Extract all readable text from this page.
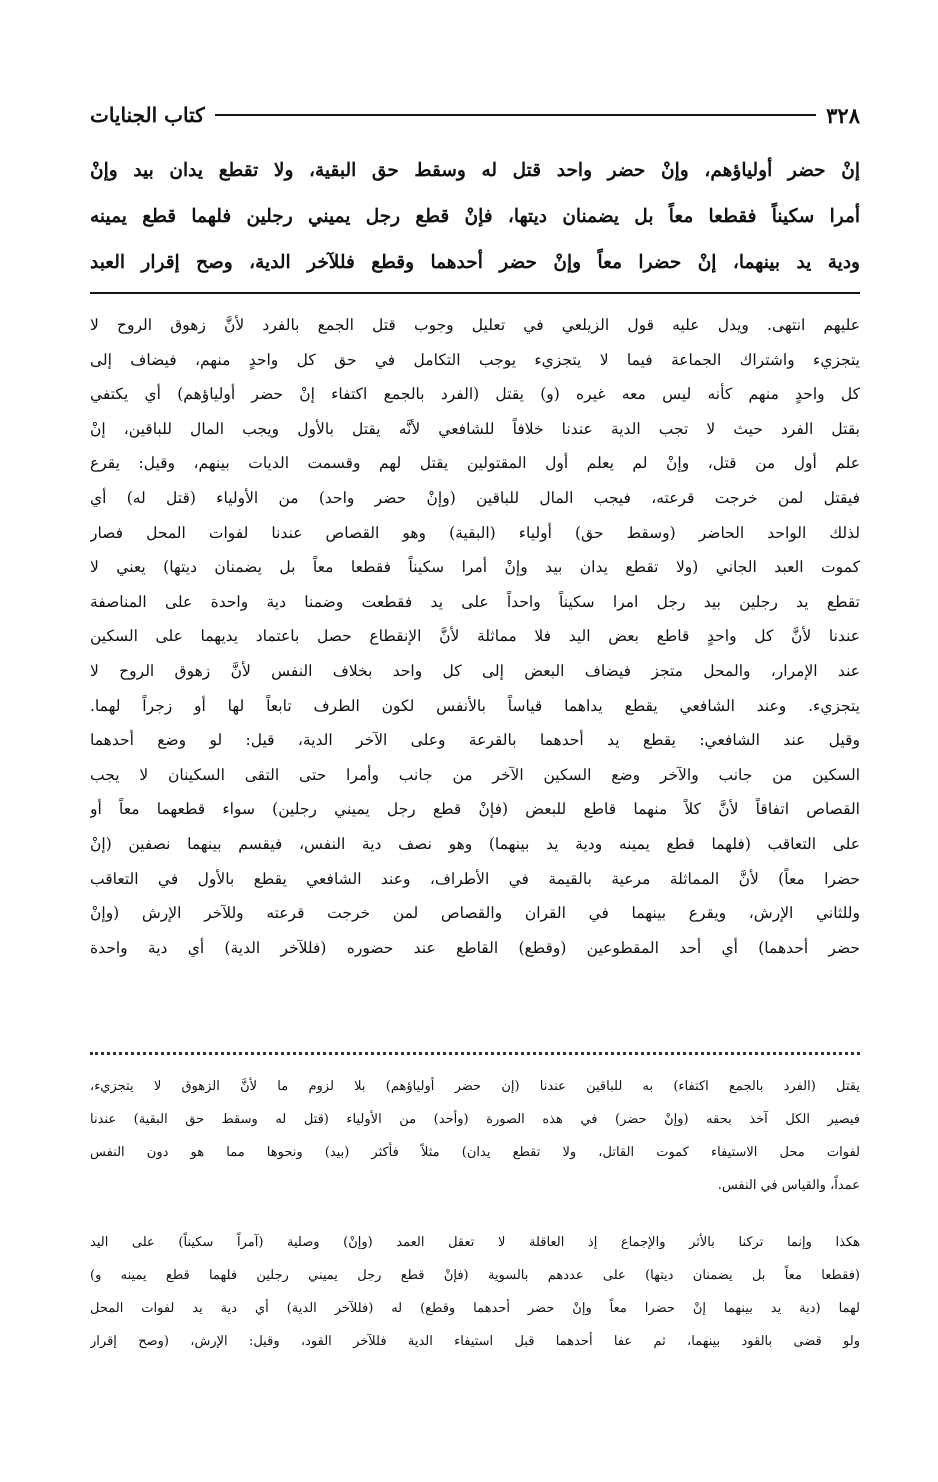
٣٢٨
كتاب الجنايات
إنْ حضر أولياؤهم، وإنْ حضر واحد قتل له وسقط حق البقية، ولا تقطع يدان بيد وإنْ
أمرا سكيناً فقطعا معاً بل يضمنان ديتها، فإنْ قطع رجل يميني رجلين فلهما قطع يمينه
ودية يد بينهما، إنْ حضرا معاً وإنْ حضر أحدهما وقطع فللآخر الدية، وصح إقرار العبد
عليهم انتهى. ويدل عليه قول الزيلعي في تعليل وجوب قتل الجمع بالفرد لأنَّ زهوق الروح لا
يتجزيء واشتراك الجماعة فيما لا يتجزيء يوجب التكامل في حق كل واحدٍ منهم، فيضاف إلى
كل واحدٍ منهم كأنه ليس معه غيره (و) يقتل (الفرد بالجمع اكتفاء إنْ حضر أولياؤهم) أي يكتفي
بقتل الفرد حيث لا تجب الدية عندنا خلافاً للشافعي لأنَّه يقتل بالأول ويجب المال للباقين، إنْ
علم أول من قتل، وإنْ لم يعلم أول المقتولين يقتل لهم وقسمت الديات بينهم، وقيل: يقرع
فيقتل لمن خرجت قرعته، فيجب المال للباقين (وإنْ حضر واحد) من الأولياء (قتل له) أي
لذلك الواحد الحاضر (وسقط حق) أولياء (البقية) وهو القصاص عندنا لفوات المحل فصار
كموت العبد الجاني (ولا تقطع يدان بيد وإنْ أمرا سكيناً فقطعا معاً بل يضمنان ديتها) يعني لا
تقطع يد رجلين بيد رجل امرا سكيناً واحداً على يد فقطعت وضمنا دية واحدة على المناصفة
عندنا لأنَّ كل واحدٍ قاطع بعض اليد فلا مماثلة لأنَّ الإنقطاع حصل باعتماد يديهما على السكين
عند الإمرار، والمحل متجز فيضاف البعض إلى كل واحد بخلاف النفس لأنَّ زهوق الروح لا
يتجزيء. وعند الشافعي يقطع يداهما قياساً بالأنفس لكون الطرف تابعاً لها أو زجراً لهما.
وقيل عند الشافعي: يقطع يد أحدهما بالقرعة وعلى الآخر الدية، قيل: لو وضع أحدهما
السكين من جانب والآخر وضع السكين الآخر من جانب وأمرا حتى التقى السكينان لا يجب
القصاص اتفاقاً لأنَّ كلاً منهما قاطع للبعض (فإنْ قطع رجل يميني رجلين) سواء قطعهما معاً أو
على التعاقب (فلهما قطع يمينه ودية يد بينهما) وهو نصف دية النفس، فيقسم بينهما نصفين (إنْ
حضرا معاً) لأنَّ المماثلة مرعية بالقيمة في الأطراف، وعند الشافعي يقطع بالأول في التعاقب
وللثاني الإرش، ويقرع بينهما في القران والقصاص لمن خرجت قرعته وللآخر الإرش (وإنْ
حضر أحدهما) أي أحد المقطوعين (وقطع) القاطع عند حضوره (فللآخر الدية) أي دية واحدة
يقتل (الفرد بالجمع اكتفاء) به للباقين عندنا (إن حضر أولياؤهم) بلا لزوم ما لأنَّ الزهوق لا يتجزيء،
فيصير الكل آخذ بحقه (وإنْ حضر) في هذه الصورة (وأحد) من الأولياء (قتل له وسقط حق البقية) عندنا
لفوات محل الاستيفاء كموت القاتل، ولا تقطع يدان) مثلاً فأكثر (بيد) ونحوها مما هو دون النفس
عمداً، والقياس في النفس.
هكذا وإنما تركنا بالأثر والإجماع إذ العاقلة لا تعقل العمد (وإنْ) وصلية (آمراً سكيناً) على اليد
(فقطعا معاً بل يضمنان ديتها) على عددهم بالسوية (فإنْ قطع رجل يميني رجلين فلهما قطع يمينه و)
لهما (دية يد بينهما إنْ حضرا معاً وإنْ حضر أحدهما وقطع) له (فللآخر الدية) أي دية يد لفوات المحل
ولو قضى بالقود بينهما، ثم عفا أحدهما قبل استيفاء الدية فللآخر القود، وقيل: الإرش، (وصح إقرار
